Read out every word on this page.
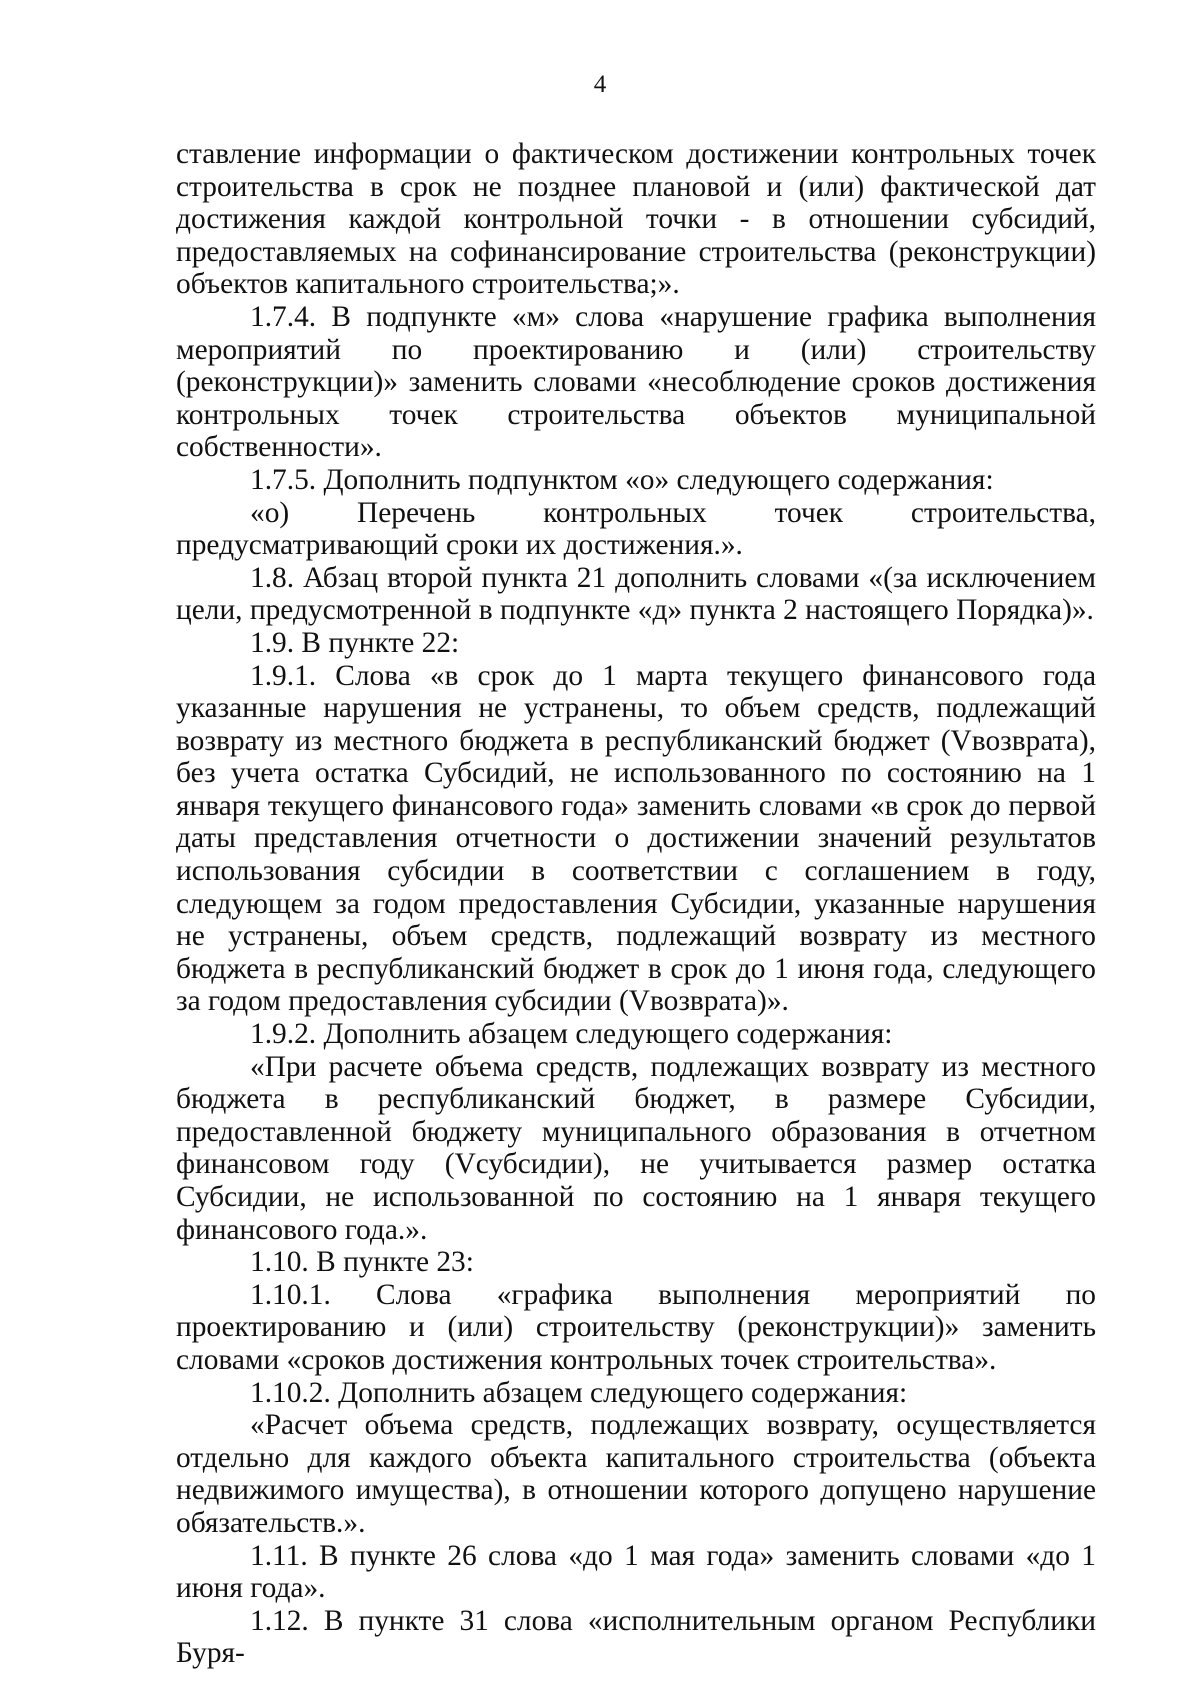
4

ставление информации о фактическом достижении контрольных точек строительства в срок не позднее плановой и (или) фактической дат достижения каждой контрольной точки - в отношении субсидий, предоставляемых на софинансирование строительства (реконструкции) объектов капитального строительства;».

1.7.4. В подпункте «м» слова «нарушение графика выполнения мероприятий по проектированию и (или) строительству (реконструкции)» заменить словами «несоблюдение сроков достижения контрольных точек строительства объектов муниципальной собственности».

1.7.5. Дополнить подпунктом «о» следующего содержания:

«о) Перечень контрольных точек строительства, предусматривающий сроки их достижения.».

1.8. Абзац второй пункта 21 дополнить словами «(за исключением цели, предусмотренной в подпункте «д» пункта 2 настоящего Порядка)».

1.9. В пункте 22:

1.9.1. Слова «в срок до 1 марта текущего финансового года указанные нарушения не устранены, то объем средств, подлежащий возврату из местного бюджета в республиканский бюджет (Vвозврата), без учета остатка Субсидий, не использованного по состоянию на 1 января текущего финансового года» заменить словами «в срок до первой даты представления отчетности о достижении значений результатов использования субсидии в соответствии с соглашением в году, следующем за годом предоставления Субсидии, указанные нарушения не устранены, объем средств, подлежащий возврату из местного бюджета в республиканский бюджет в срок до 1 июня года, следующего за годом предоставления субсидии (Vвозврата)».

1.9.2. Дополнить абзацем следующего содержания:

«При расчете объема средств, подлежащих возврату из местного бюджета в республиканский бюджет, в размере Субсидии, предоставленной бюджету муниципального образования в отчетном финансовом году (Vсубсидии), не учитывается размер остатка Субсидии, не использованной по состоянию на 1 января текущего финансового года.».

1.10. В пункте 23:

1.10.1. Слова «графика выполнения мероприятий по проектированию и (или) строительству (реконструкции)» заменить словами «сроков достижения контрольных точек строительства».

1.10.2. Дополнить абзацем следующего содержания:

«Расчет объема средств, подлежащих возврату, осуществляется отдельно для каждого объекта капитального строительства (объекта недвижимого имущества), в отношении которого допущено нарушение обязательств.».

1.11. В пункте 26 слова «до 1 мая года» заменить словами «до 1 июня года».

1.12. В пункте 31 слова «исполнительным органом Республики Буря-
